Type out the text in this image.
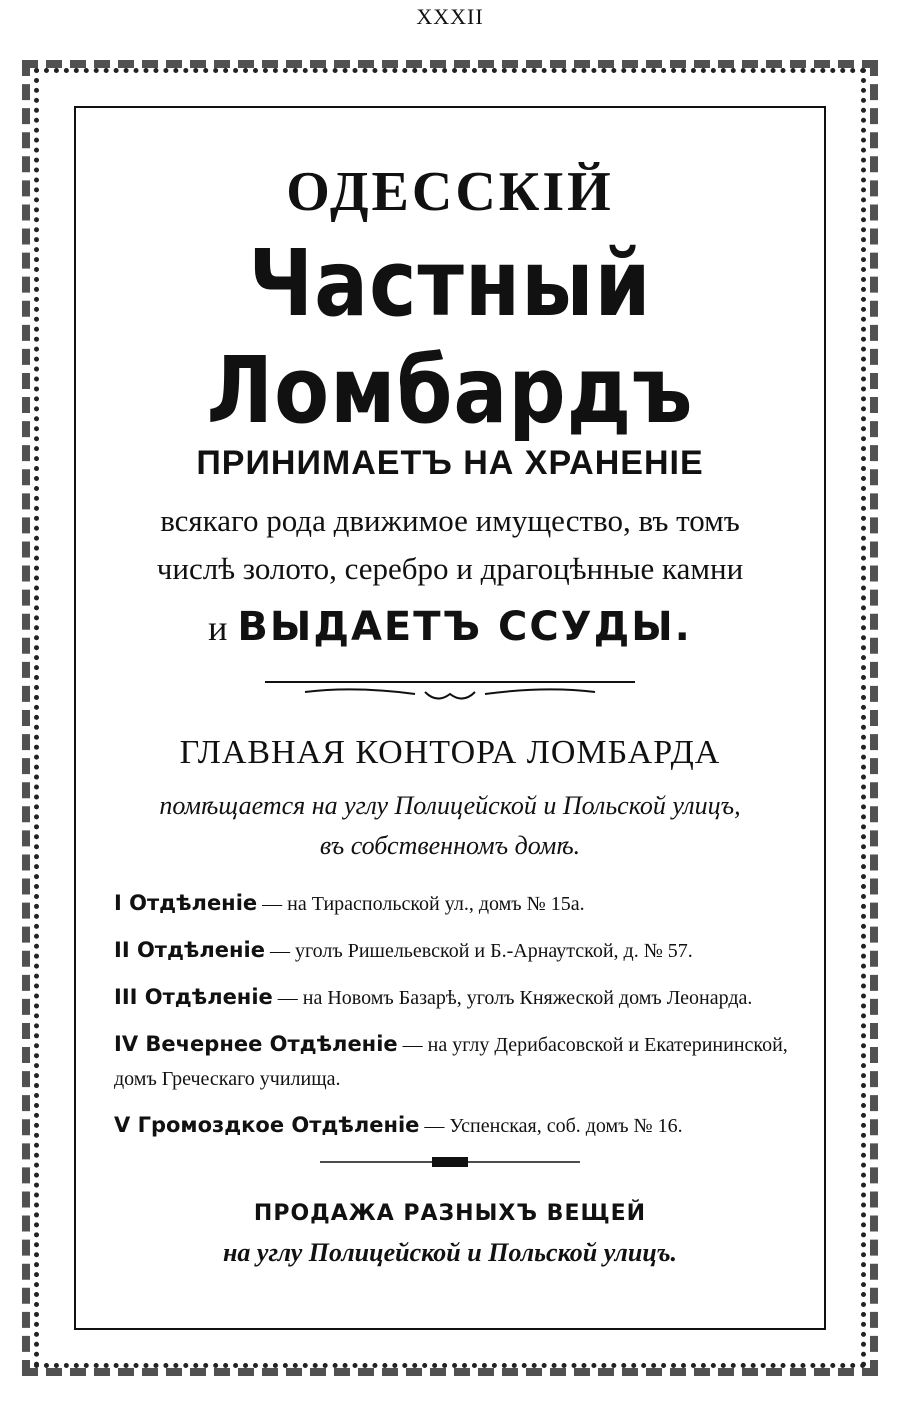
XXXII
ОДЕССКІЙ
Частный Ломбардъ
ПРИНИМАЕТЪ НА ХРАНЕНІЕ
всякаго рода движимое имущество, въ томъ
числѣ золото, серебро и драгоцѣнные камни
и ВЫДАЕТЪ ССУДЫ.
ГЛАВНАЯ КОНТОРА ЛОМБАРДА
помѣщается на углу Полицейской и Польской улицъ,
въ собственномъ домѣ.
I Отдѣленіе — на Тираспольской ул., домъ № 15а.
II Отдѣленіе — уголъ Ришельевской и Б.-Арнаутской, д. № 57.
III Отдѣленіе — на Новомъ Базарѣ, уголъ Княжеской домъ Леонарда.
IV Вечернее Отдѣленіе — на углу Дерибасовской и Екатерининской, домъ Греческаго училища.
V Громоздкое Отдѣленіе — Успенская, соб. домъ № 16.
ПРОДАЖА РАЗНЫХЪ ВЕЩЕЙ
на углу Полицейской и Польской улицъ.
